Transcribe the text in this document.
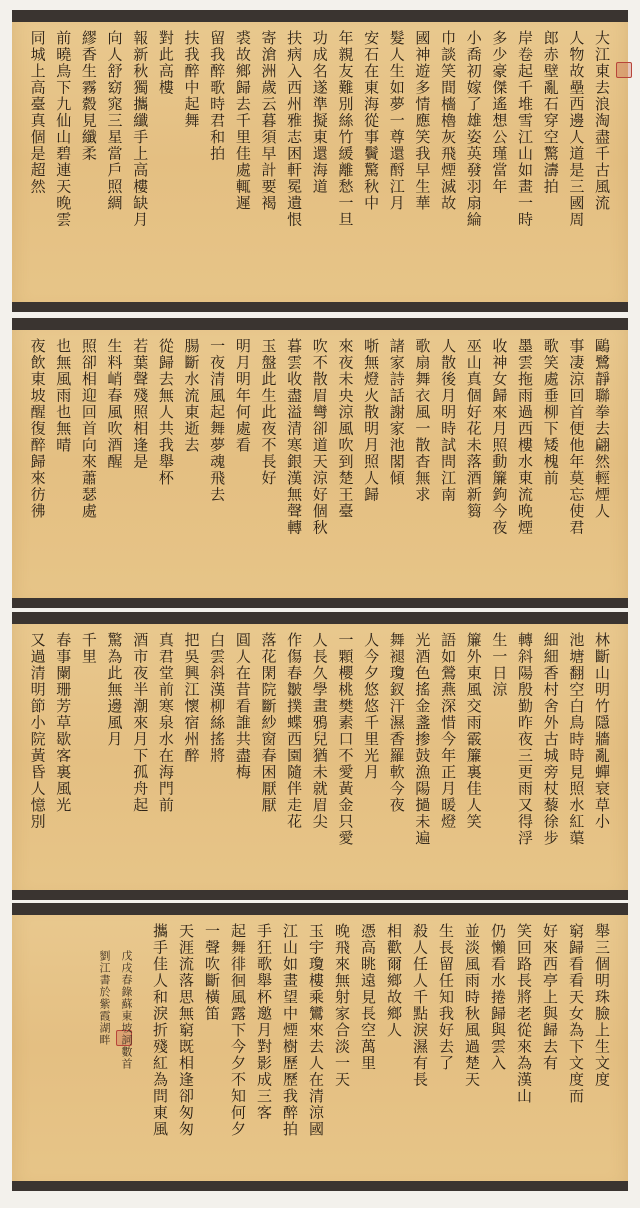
大江東去浪淘盡千古風流
人物故壘西邊人道是三國周
郎赤壁亂石穿空驚濤拍
岸卷起千堆雪江山如畫一時
多少豪傑遙想公瑾當年
小喬初嫁了雄姿英發羽扇綸
巾談笑間檣櫓灰飛煙滅故
國神遊多情應笑我早生華
髮人生如夢一尊還酹江月
安石在東海從事鬢驚秋中
年親友難別絲竹緩離愁一旦
功成名遂準擬東還海道
扶病入西州雅志困軒冕遺恨
寄滄洲歲云暮須早計要褐
裘故鄉歸去千里佳處輒遲
留我醉歌時君和拍
扶我醉中起舞
對此高樓
報新秋獨攜纖手上高樓缺月
向人舒窈窕三星當戶照綢
繆香生霧縠見纖柔
前曉鳥下九仙山碧連天晚雲
同城上高臺真個是超然
鷗鷺靜聯拳去翩然輕煙人
事凄涼回首便他年莫忘使君
歌笑處垂柳下矮槐前
墨雲拖雨過西樓水東流晚煙
收神女歸來月照動簾鉤今夜
巫山真個好花未落酒新篘
人散後月明時試問江南
歌扇舞衣風一散杳無求
諸家詩話謝家池閣傾
哳無燈火散明月照人歸
來夜未央涼風吹到楚王臺
吹不散眉彎卻道天涼好個秋
暮雲收盡溢清寒銀漢無聲轉
玉盤此生此夜不長好
明月明年何處看
一夜清風起舞夢魂飛去
腸斷水流東逝去
從歸去無人共我舉杯
若葉聲殘照相逢是
生料峭春風吹酒醒
照卻相迎回首向來蕭瑟處
也無風雨也無晴
夜飲東坡醒復醉歸來彷彿
林斷山明竹隱牆亂蟬衰草小
池塘翻空白鳥時時見照水紅蕖
細細香村舍外古城旁杖藜徐步
轉斜陽殷勤昨夜三更雨又得浮
生一日涼
簾外東風交雨霰簾裏佳人笑
語如鶯燕深惜今年正月暖燈
光酒色搖金盞掺鼓漁陽撾未遍
舞褪瓊釵汗濕香羅軟今夜
人今夕悠悠千里光月
一顆櫻桃樊素口不愛黃金只愛
人長久學畫鴉兒猶未就眉尖
作傷春皺撲蝶西園隨伴走花
落花閑院斷紗窗春困厭厭
圓人在昔看誰共盡梅
白雲斜漢柳絲搖將
把吳興江懷宿州醉
真君堂前寒泉水在海門前
酒市夜半潮來月下孤舟起
驚為此無邊風月
千里
春事闌珊芳草歇客裏風光
又過清明節小院黃昏人憶別
舉三個明珠臉上生文度
窮歸看看天女為下文度而
好來西亭上與歸去有
笑回路長將老從來為漢山
仍懶看水捲歸與雲入
並淡風雨時秋風過楚天
生長留任知我好去了
殺人任人千點淚濕有長
相歡爾鄉故鄉人
憑高眺遠見長空萬里
晚飛來無射家合淡一天
玉宇瓊樓乘鸞來去人在清涼國
江山如畫望中煙樹歷歷我醉拍
手狂歌舉杯邀月對影成三客
起舞徘徊風露下今夕不知何夕
一聲吹斷橫笛
天涯流落思無窮既相逢卻匆匆
攜手佳人和淚折殘紅為問東風
戊戌春錄蘇東坡詞數首
劉江書於紫霞湖畔
